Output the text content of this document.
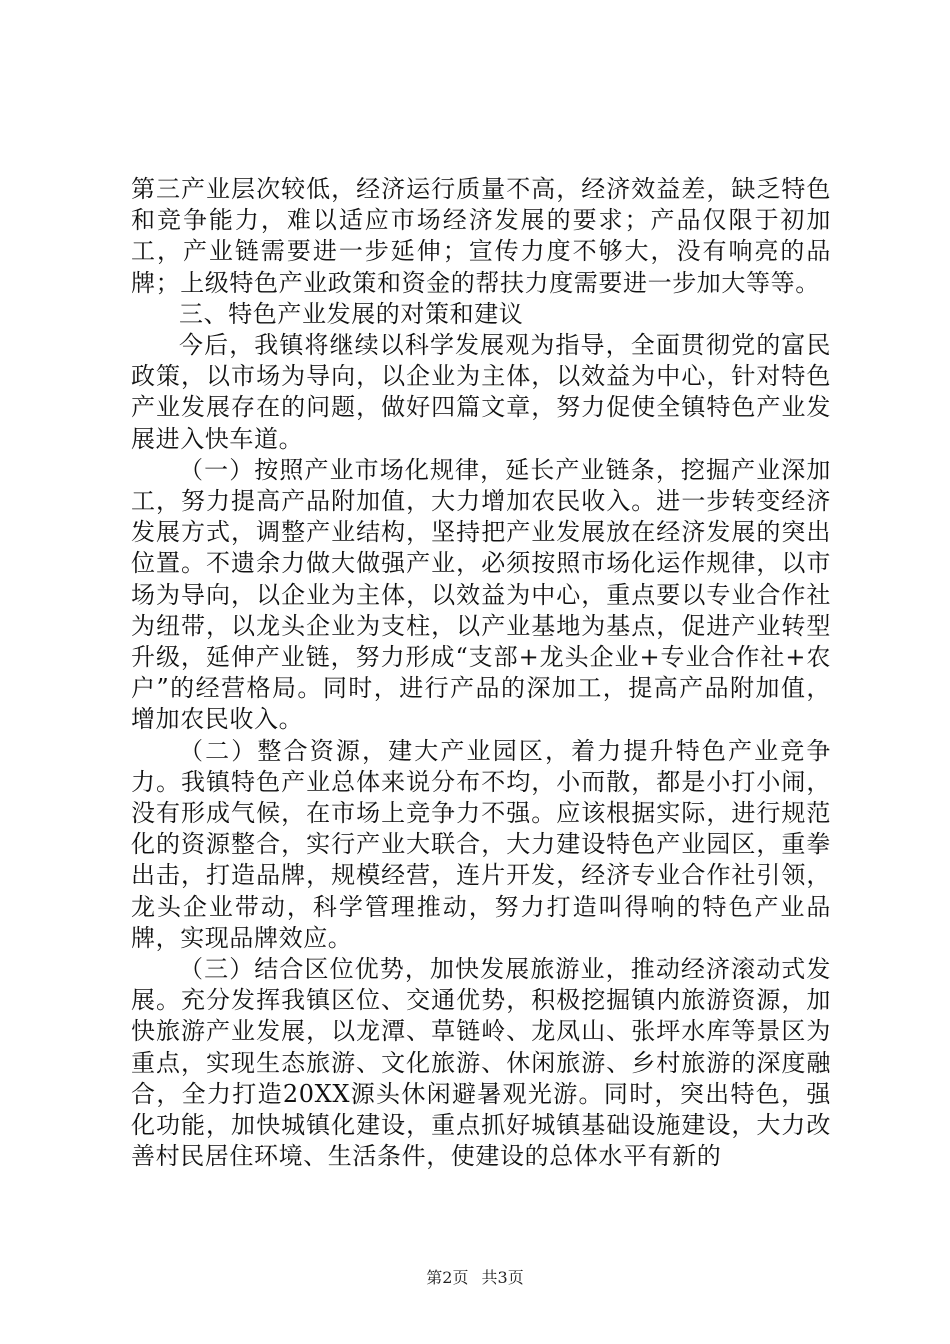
第三产业层次较低，经济运行质量不高，经济效益差，缺乏特色和竞争能力，难以适应市场经济发展的要求；产品仅限于初加工，产业链需要进一步延伸；宣传力度不够大，没有响亮的品牌；上级特色产业政策和资金的帮扶力度需要进一步加大等等。

三、特色产业发展的对策和建议

今后，我镇将继续以科学发展观为指导，全面贯彻党的富民政策，以市场为导向，以企业为主体，以效益为中心，针对特色产业发展存在的问题，做好四篇文章，努力促使全镇特色产业发展进入快车道。

（一）按照产业市场化规律，延长产业链条，挖掘产业深加工，努力提高产品附加值，大力增加农民收入。进一步转变经济发展方式，调整产业结构，坚持把产业发展放在经济发展的突出位置。不遗余力做大做强产业，必须按照市场化运作规律，以市场为导向，以企业为主体，以效益为中心，重点要以专业合作社为纽带，以龙头企业为支柱，以产业基地为基点，促进产业转型升级，延伸产业链，努力形成“支部+龙头企业+专业合作社+农户”的经营格局。同时，进行产品的深加工，提高产品附加值，增加农民收入。

（二）整合资源，建大产业园区，着力提升特色产业竞争力。我镇特色产业总体来说分布不均，小而散，都是小打小闹，没有形成气候，在市场上竞争力不强。应该根据实际，进行规范化的资源整合，实行产业大联合，大力建设特色产业园区，重拳出击，打造品牌，规模经营，连片开发，经济专业合作社引领，龙头企业带动，科学管理推动，努力打造叫得响的特色产业品牌，实现品牌效应。

（三）结合区位优势，加快发展旅游业，推动经济滚动式发展。充分发挥我镇区位、交通优势，积极挖掘镇内旅游资源，加快旅游产业发展，以龙潭、草链岭、龙凤山、张坪水库等景区为重点，实现生态旅游、文化旅游、休闲旅游、乡村旅游的深度融合，全力打造20XX源头休闲避暑观光游。同时，突出特色，强化功能，加快城镇化建设，重点抓好城镇基础设施建设，大力改善村民居住环境、生活条件，使建设的总体水平有新的

第2页 共3页
